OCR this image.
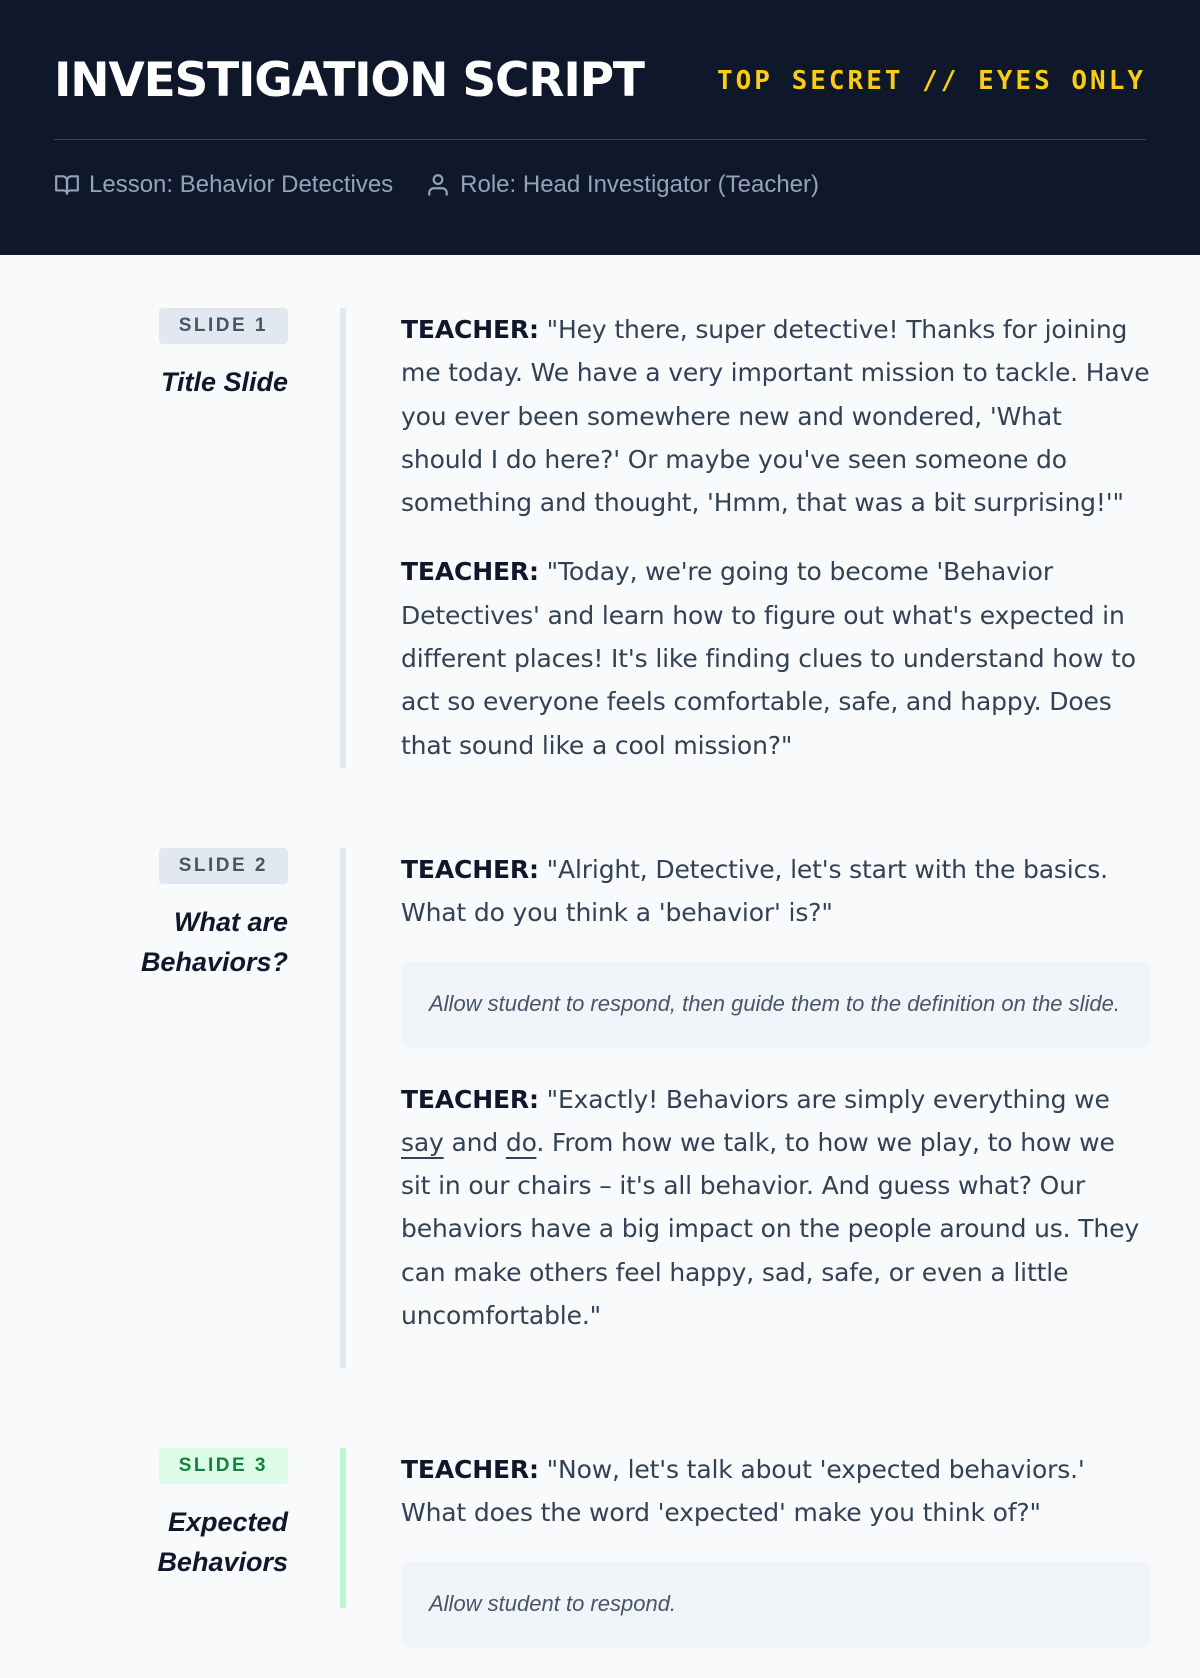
INVESTIGATION SCRIPT	TOP SECRET // EYES ONLY
Lesson: Behavior Detectives	Role: Head Investigator (Teacher)
SLIDE 1
Title Slide

TEACHER: "Hey there, super detective! Thanks for joining me today. We have a very important mission to tackle. Have you ever been somewhere new and wondered, 'What should I do here?' Or maybe you've seen someone do something and thought, 'Hmm, that was a bit surprising!'"

TEACHER: "Today, we're going to become 'Behavior Detectives' and learn how to figure out what's expected in different places! It's like finding clues to understand how to act so everyone feels comfortable, safe, and happy. Does that sound like a cool mission?"

SLIDE 2
What are Behaviors?

TEACHER: "Alright, Detective, let's start with the basics. What do you think a 'behavior' is?"

Allow student to respond, then guide them to the definition on the slide.

TEACHER: "Exactly! Behaviors are simply everything we say and do. From how we talk, to how we play, to how we sit in our chairs – it's all behavior. And guess what? Our behaviors have a big impact on the people around us. They can make others feel happy, sad, safe, or even a little uncomfortable."

SLIDE 3
Expected Behaviors

TEACHER: "Now, let's talk about 'expected behaviors.' What does the word 'expected' make you think of?"

Allow student to respond.
